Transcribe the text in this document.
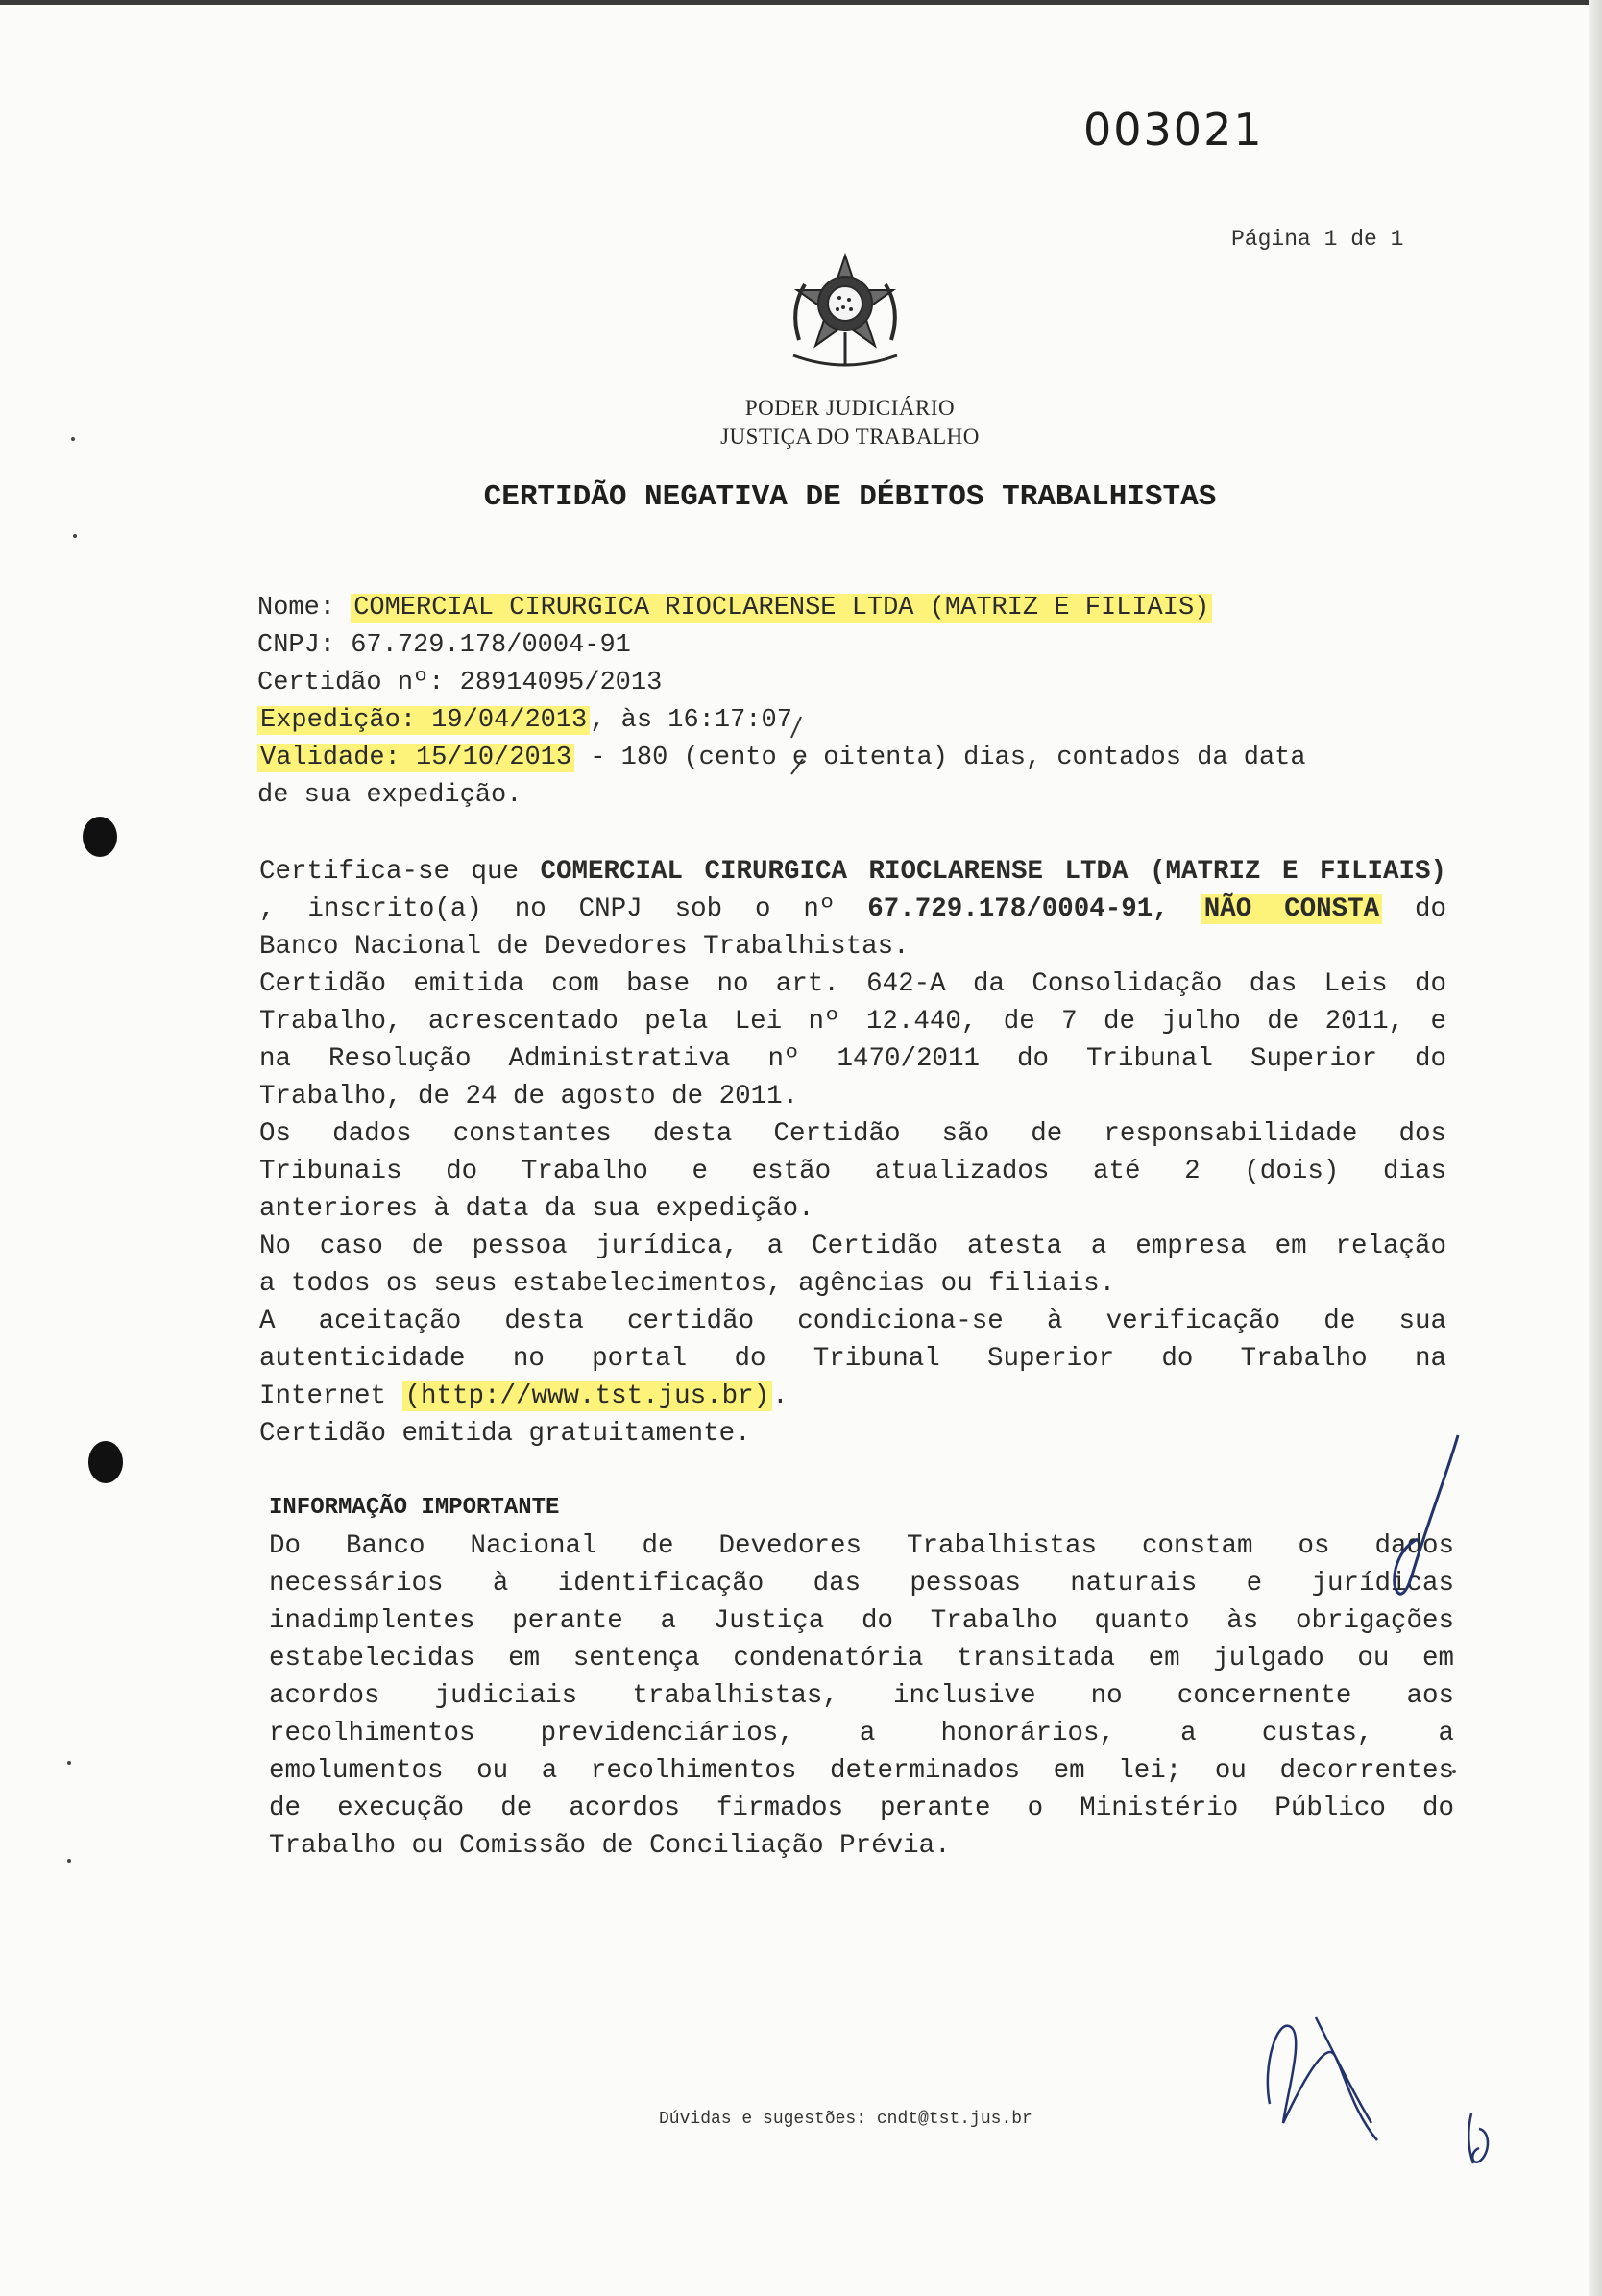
003021
Página 1 de 1
PODER JUDICIÁRIO
JUSTIÇA DO TRABALHO
CERTIDÃO NEGATIVA DE DÉBITOS TRABALHISTAS
Nome: COMERCIAL CIRURGICA RIOCLARENSE LTDA (MATRIZ E FILIAIS)
CNPJ: 67.729.178/0004-91
Certidão nº: 28914095/2013
Expedição: 19/04/2013 , às 16:17:07
Validade: 15/10/2013 - 180 (cento e oitenta) dias, contados da data
de sua expedição.
Certifica-se que COMERCIAL CIRURGICA RIOCLARENSE LTDA (MATRIZ E FILIAIS)
, inscrito(a) no CNPJ sob o nº 67.729.178/0004-91, NÃO CONSTA do
Banco Nacional de Devedores Trabalhistas.
Certidão emitida com base no art. 642-A da Consolidação das Leis do
Trabalho, acrescentado pela Lei nº 12.440, de 7 de julho de 2011, e
na Resolução Administrativa nº 1470/2011 do Tribunal Superior do
Trabalho, de 24 de agosto de 2011.
Os dados constantes desta Certidão são de responsabilidade dos
Tribunais do Trabalho e estão atualizados até 2 (dois) dias
anteriores à data da sua expedição.
No caso de pessoa jurídica, a Certidão atesta a empresa em relação
a todos os seus estabelecimentos, agências ou filiais.
A aceitação desta certidão condiciona-se à verificação de sua
autenticidade no portal do Tribunal Superior do Trabalho na
Internet (http://www.tst.jus.br) .
Certidão emitida gratuitamente.
INFORMAÇÃO IMPORTANTE
Do Banco Nacional de Devedores Trabalhistas constam os dados
necessários à identificação das pessoas naturais e jurídicas
inadimplentes perante a Justiça do Trabalho quanto às obrigações
estabelecidas em sentença condenatória transitada em julgado ou em
acordos judiciais trabalhistas, inclusive no concernente aos
recolhimentos previdenciários, a honorários, a custas, a
emolumentos ou a recolhimentos determinados em lei; ou decorrentes
de execução de acordos firmados perante o Ministério Público do
Trabalho ou Comissão de Conciliação Prévia.
Dúvidas e sugestões: cndt@tst.jus.br
